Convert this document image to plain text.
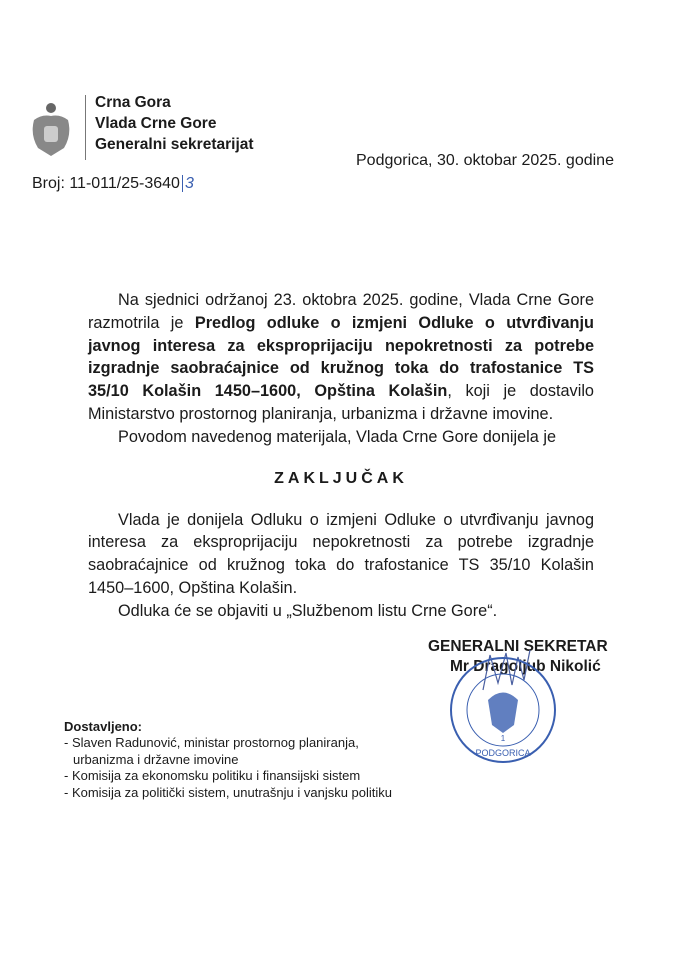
Crna Gora
Vlada Crne Gore
Generalni sekretarijat
Podgorica, 30. oktobar 2025. godine
Broj: 11-011/25-3640 3

Na sjednici održanoj 23. oktobra 2025. godine, Vlada Crne Gore razmotrila je Predlog odluke o izmjeni Odluke o utvrđivanju javnog interesa za eksproprijaciju nepokretnosti za potrebe izgradnje saobraćajnice od kružnog toka do trafostanice TS 35/10 Kolašin 1450–1600, Opština Kolašin, koji je dostavilo Ministarstvo prostornog planiranja, urbanizma i državne imovine.

Povodom navedenog materijala, Vlada Crne Gore donijela je

ZAKLJUČAK

Vlada je donijela Odluku o izmjeni Odluke o utvrđivanju javnog interesa za eksproprijaciju nepokretnosti za potrebe izgradnje saobraćajnice od kružnog toka do trafostanice TS 35/10 Kolašin 1450–1600, Opština Kolašin.

Odluka će se objaviti u „Službenom listu Crne Gore“.

GENERALNI SEKRETAR
Mr Dragoljub Nikolić
1
PODGORICA
Dostavljeno:
- Slaven Radunović, ministar prostornog planiranja,
urbanizma i državne imovine
- Komisija za ekonomsku politiku i finansijski sistem
- Komisija za politički sistem, unutrašnju i vanjsku politiku
